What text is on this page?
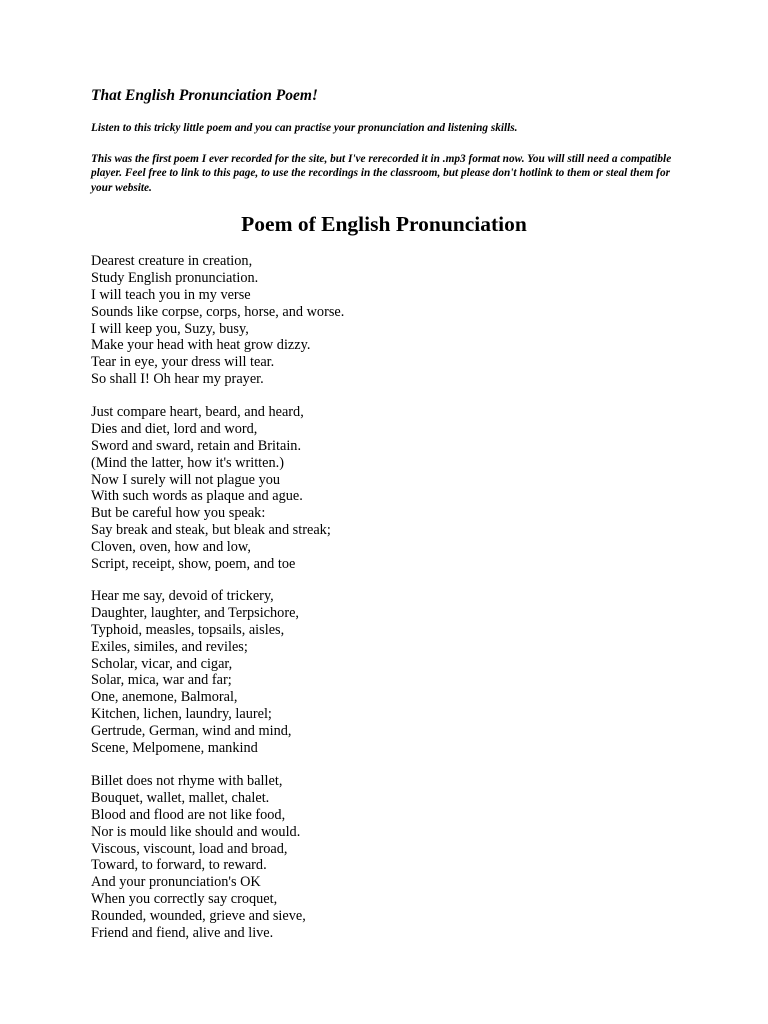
That English Pronunciation Poem!

Listen to this tricky little poem and you can practise your pronunciation and listening skills.

This was the first poem I ever recorded for the site, but I've rerecorded it in .mp3 format now. You will still need a compatible player. Feel free to link to this page, to use the recordings in the classroom, but please don't hotlink to them or steal them for your website.

Poem of English Pronunciation
Dearest creature in creation,
Study English pronunciation.
I will teach you in my verse
Sounds like corpse, corps, horse, and worse.
I will keep you, Suzy, busy,
Make your head with heat grow dizzy.
Tear in eye, your dress will tear.
So shall I! Oh hear my prayer.
Just compare heart, beard, and heard,
Dies and diet, lord and word,
Sword and sward, retain and Britain.
(Mind the latter, how it's written.)
Now I surely will not plague you
With such words as plaque and ague.
But be careful how you speak:
Say break and steak, but bleak and streak;
Cloven, oven, how and low,
Script, receipt, show, poem, and toe
Hear me say, devoid of trickery,
Daughter, laughter, and Terpsichore,
Typhoid, measles, topsails, aisles,
Exiles, similes, and reviles;
Scholar, vicar, and cigar,
Solar, mica, war and far;
One, anemone, Balmoral,
Kitchen, lichen, laundry, laurel;
Gertrude, German, wind and mind,
Scene, Melpomene, mankind
Billet does not rhyme with ballet,
Bouquet, wallet, mallet, chalet.
Blood and flood are not like food,
Nor is mould like should and would.
Viscous, viscount, load and broad,
Toward, to forward, to reward.
And your pronunciation's OK
When you correctly say croquet,
Rounded, wounded, grieve and sieve,
Friend and fiend, alive and live.
